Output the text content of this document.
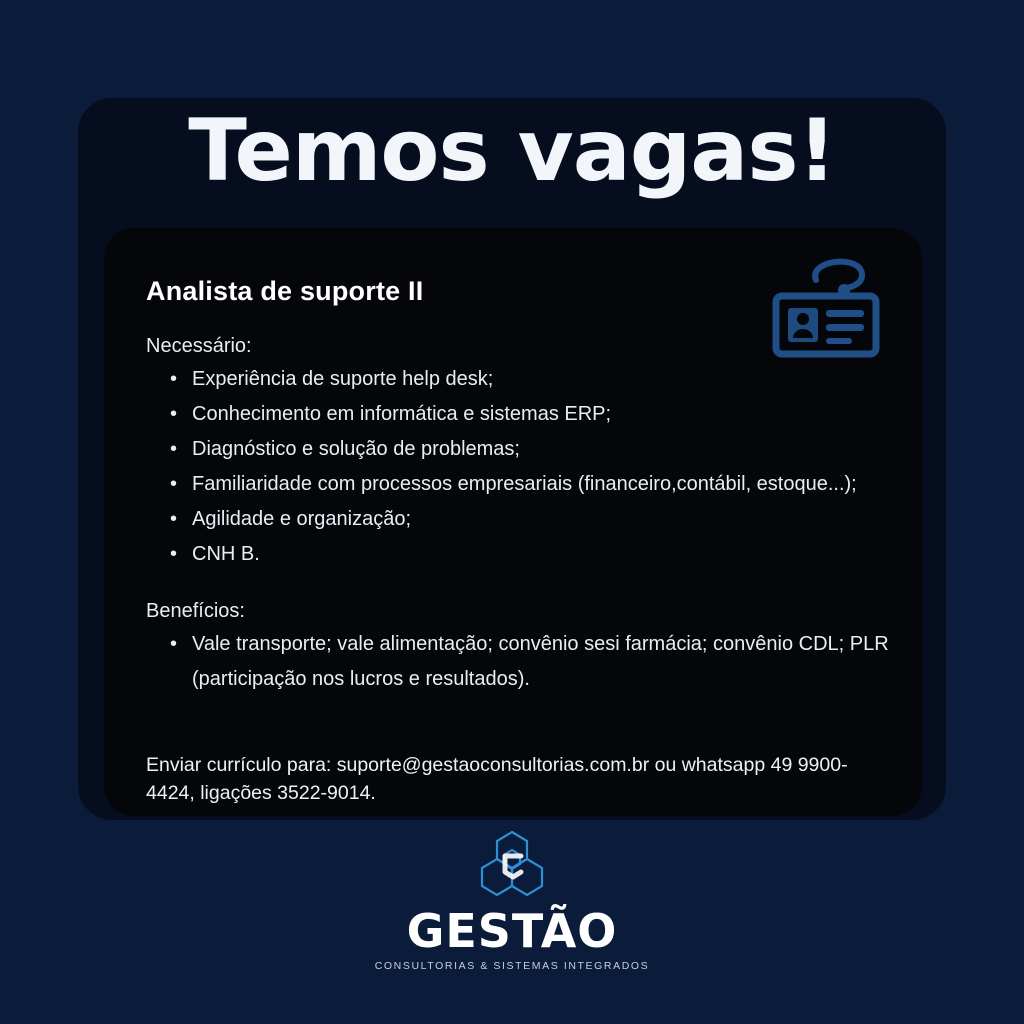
Temos vagas!
Analista de suporte II
Necessário:
• Experiência de suporte help desk;
• Conhecimento em informática e sistemas ERP;
• Diagnóstico e solução de problemas;
• Familiaridade com processos empresariais (financeiro,contábil, estoque...);
• Agilidade e organização;
• CNH B.
Benefícios:
• Vale transporte; vale alimentação; convênio sesi farmácia; convênio CDL; PLR (participação nos lucros e resultados).
Enviar currículo para: suporte@gestaoconsultorias.com.br ou whatsapp 49 9900-4424, ligações 3522-9014.
GESTÃO
CONSULTORIAS & SISTEMAS INTEGRADOS
